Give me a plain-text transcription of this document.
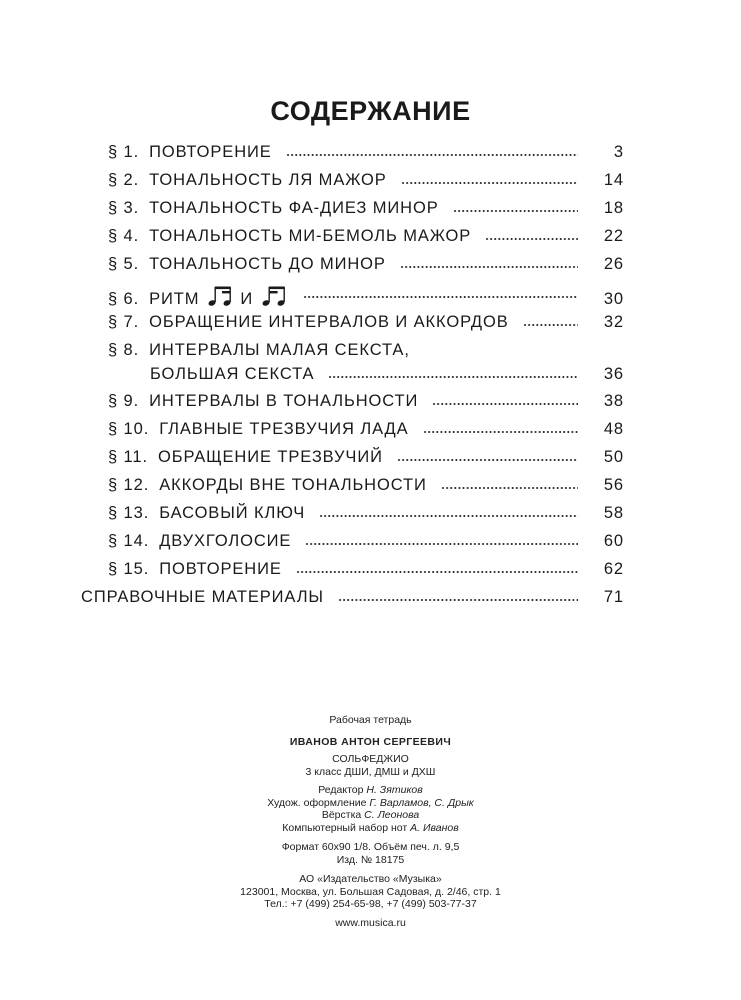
СОДЕРЖАНИЕ
§ 1. ПОВТОРЕНИЕ	3
§ 2. ТОНАЛЬНОСТЬ ЛЯ МАЖОР	14
§ 3. ТОНАЛЬНОСТЬ ФА-ДИЕЗ МИНОР	18
§ 4. ТОНАЛЬНОСТЬ МИ-БЕМОЛЬ МАЖОР	22
§ 5. ТОНАЛЬНОСТЬ ДО МИНОР	26
§ 6. РИТМ И	30
§ 7. ОБРАЩЕНИЕ ИНТЕРВАЛОВ И АККОРДОВ	32
§ 8. ИНТЕРВАЛЫ МАЛАЯ СЕКСТА,
БОЛЬШАЯ СЕКСТА	36
§ 9. ИНТЕРВАЛЫ В ТОНАЛЬНОСТИ	38
§ 10. ГЛАВНЫЕ ТРЕЗВУЧИЯ ЛАДА	48
§ 11. ОБРАЩЕНИЕ ТРЕЗВУЧИЙ	50
§ 12. АККОРДЫ ВНЕ ТОНАЛЬНОСТИ	56
§ 13. БАСОВЫЙ КЛЮЧ	58
§ 14. ДВУХГОЛОСИЕ	60
§ 15. ПОВТОРЕНИЕ	62
СПРАВОЧНЫЕ МАТЕРИАЛЫ	71
Рабочая тетрадь
ИВАНОВ АНТОН СЕРГЕЕВИЧ
СОЛЬФЕДЖИО
3 класс ДШИ, ДМШ и ДХШ
Редактор Н. Зятиков
Худож. оформление Г. Варламов, С. Дрык
Вёрстка С. Леонова
Компьютерный набор нот А. Иванов
Формат 60х90 1/8. Объём печ. л. 9,5
Изд. № 18175
АО «Издательство «Музыка»
123001, Москва, ул. Большая Садовая, д. 2/46, стр. 1
Тел.: +7 (499) 254-65-98, +7 (499) 503-77-37
www.musica.ru
